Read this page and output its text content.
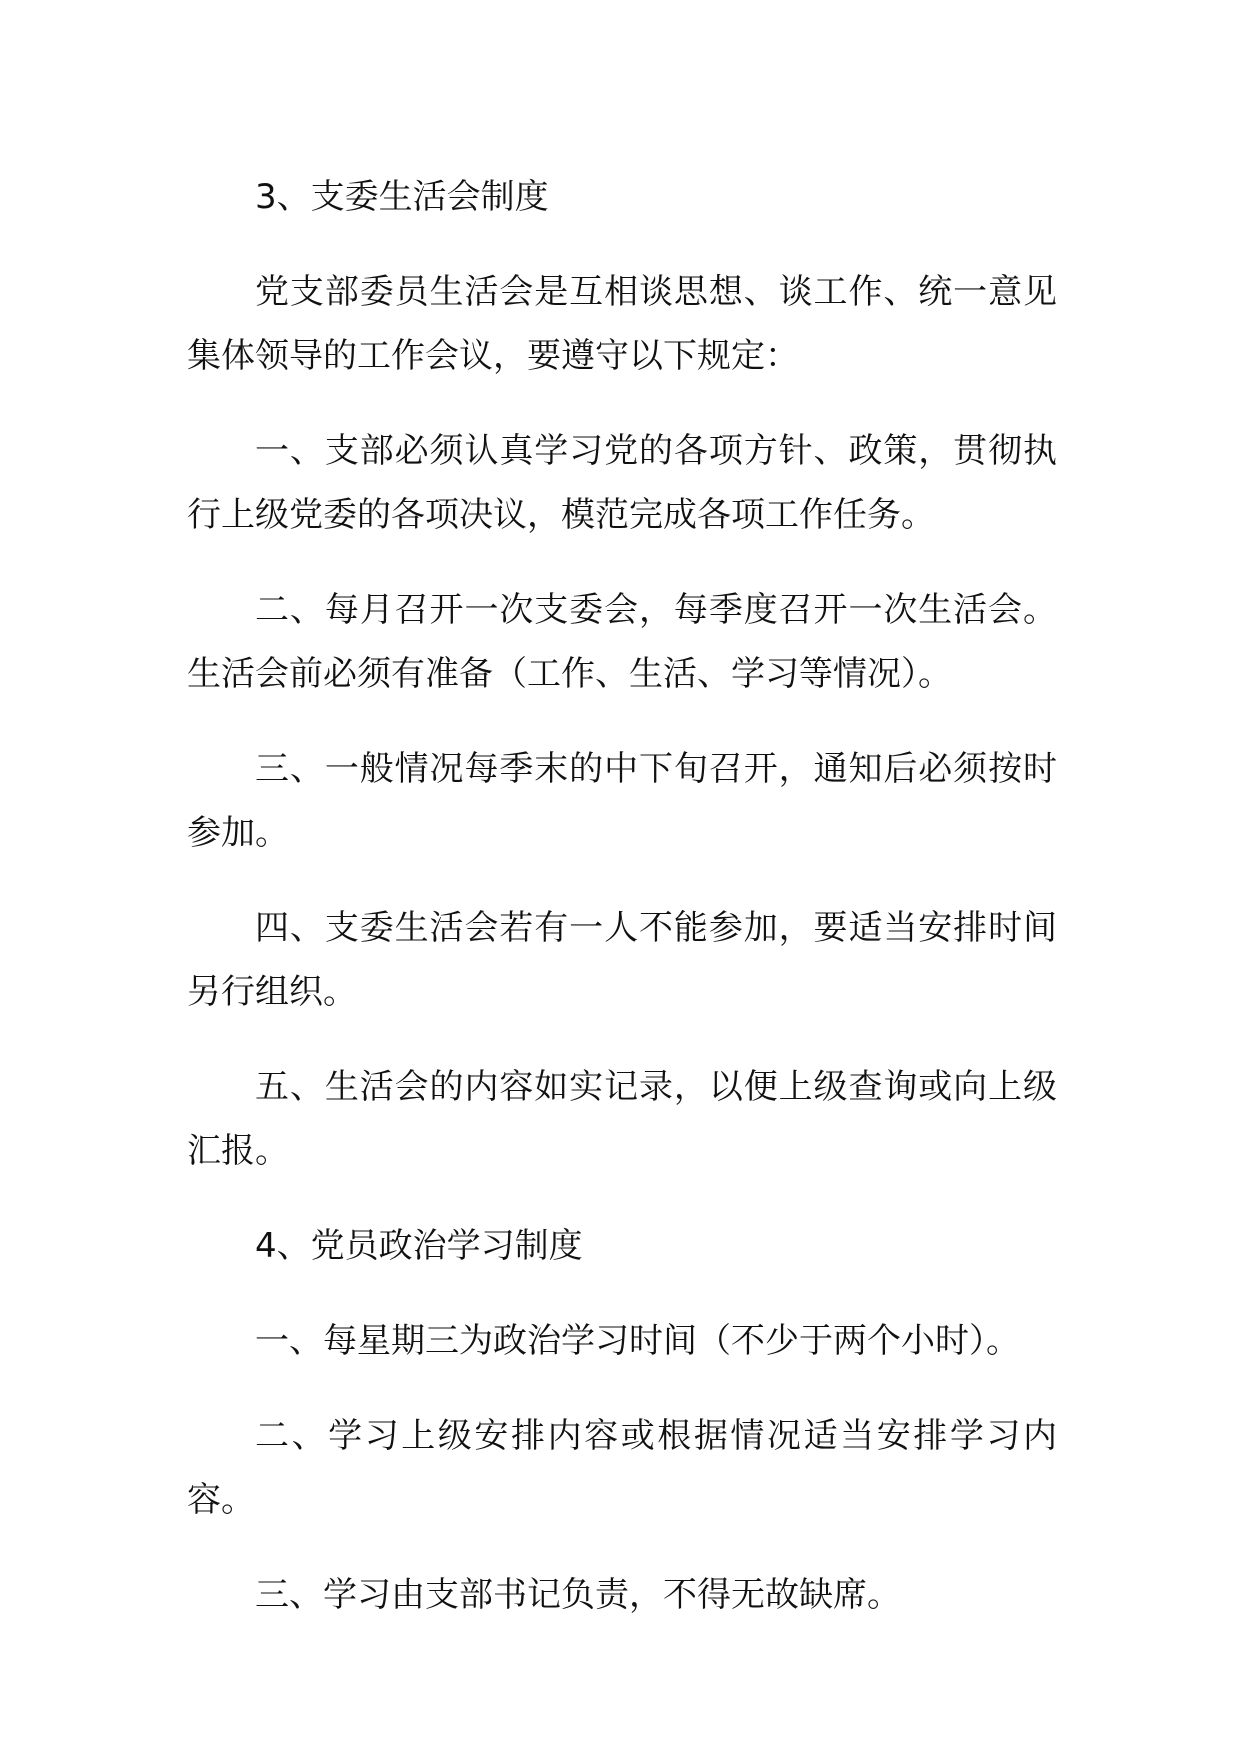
3、支委生活会制度

党支部委员生活会是互相谈思想、谈工作、统一意见集体领导的工作会议，要遵守以下规定：

一、支部必须认真学习党的各项方针、政策，贯彻执行上级党委的各项决议，模范完成各项工作任务。

二、每月召开一次支委会，每季度召开一次生活会。生活会前必须有准备（工作、生活、学习等情况）。

三、一般情况每季末的中下旬召开，通知后必须按时参加。

四、支委生活会若有一人不能参加，要适当安排时间另行组织。

五、生活会的内容如实记录，以便上级查询或向上级汇报。

4、党员政治学习制度

一、每星期三为政治学习时间（不少于两个小时）。

二、学习上级安排内容或根据情况适当安排学习内容。

三、学习由支部书记负责，不得无故缺席。
